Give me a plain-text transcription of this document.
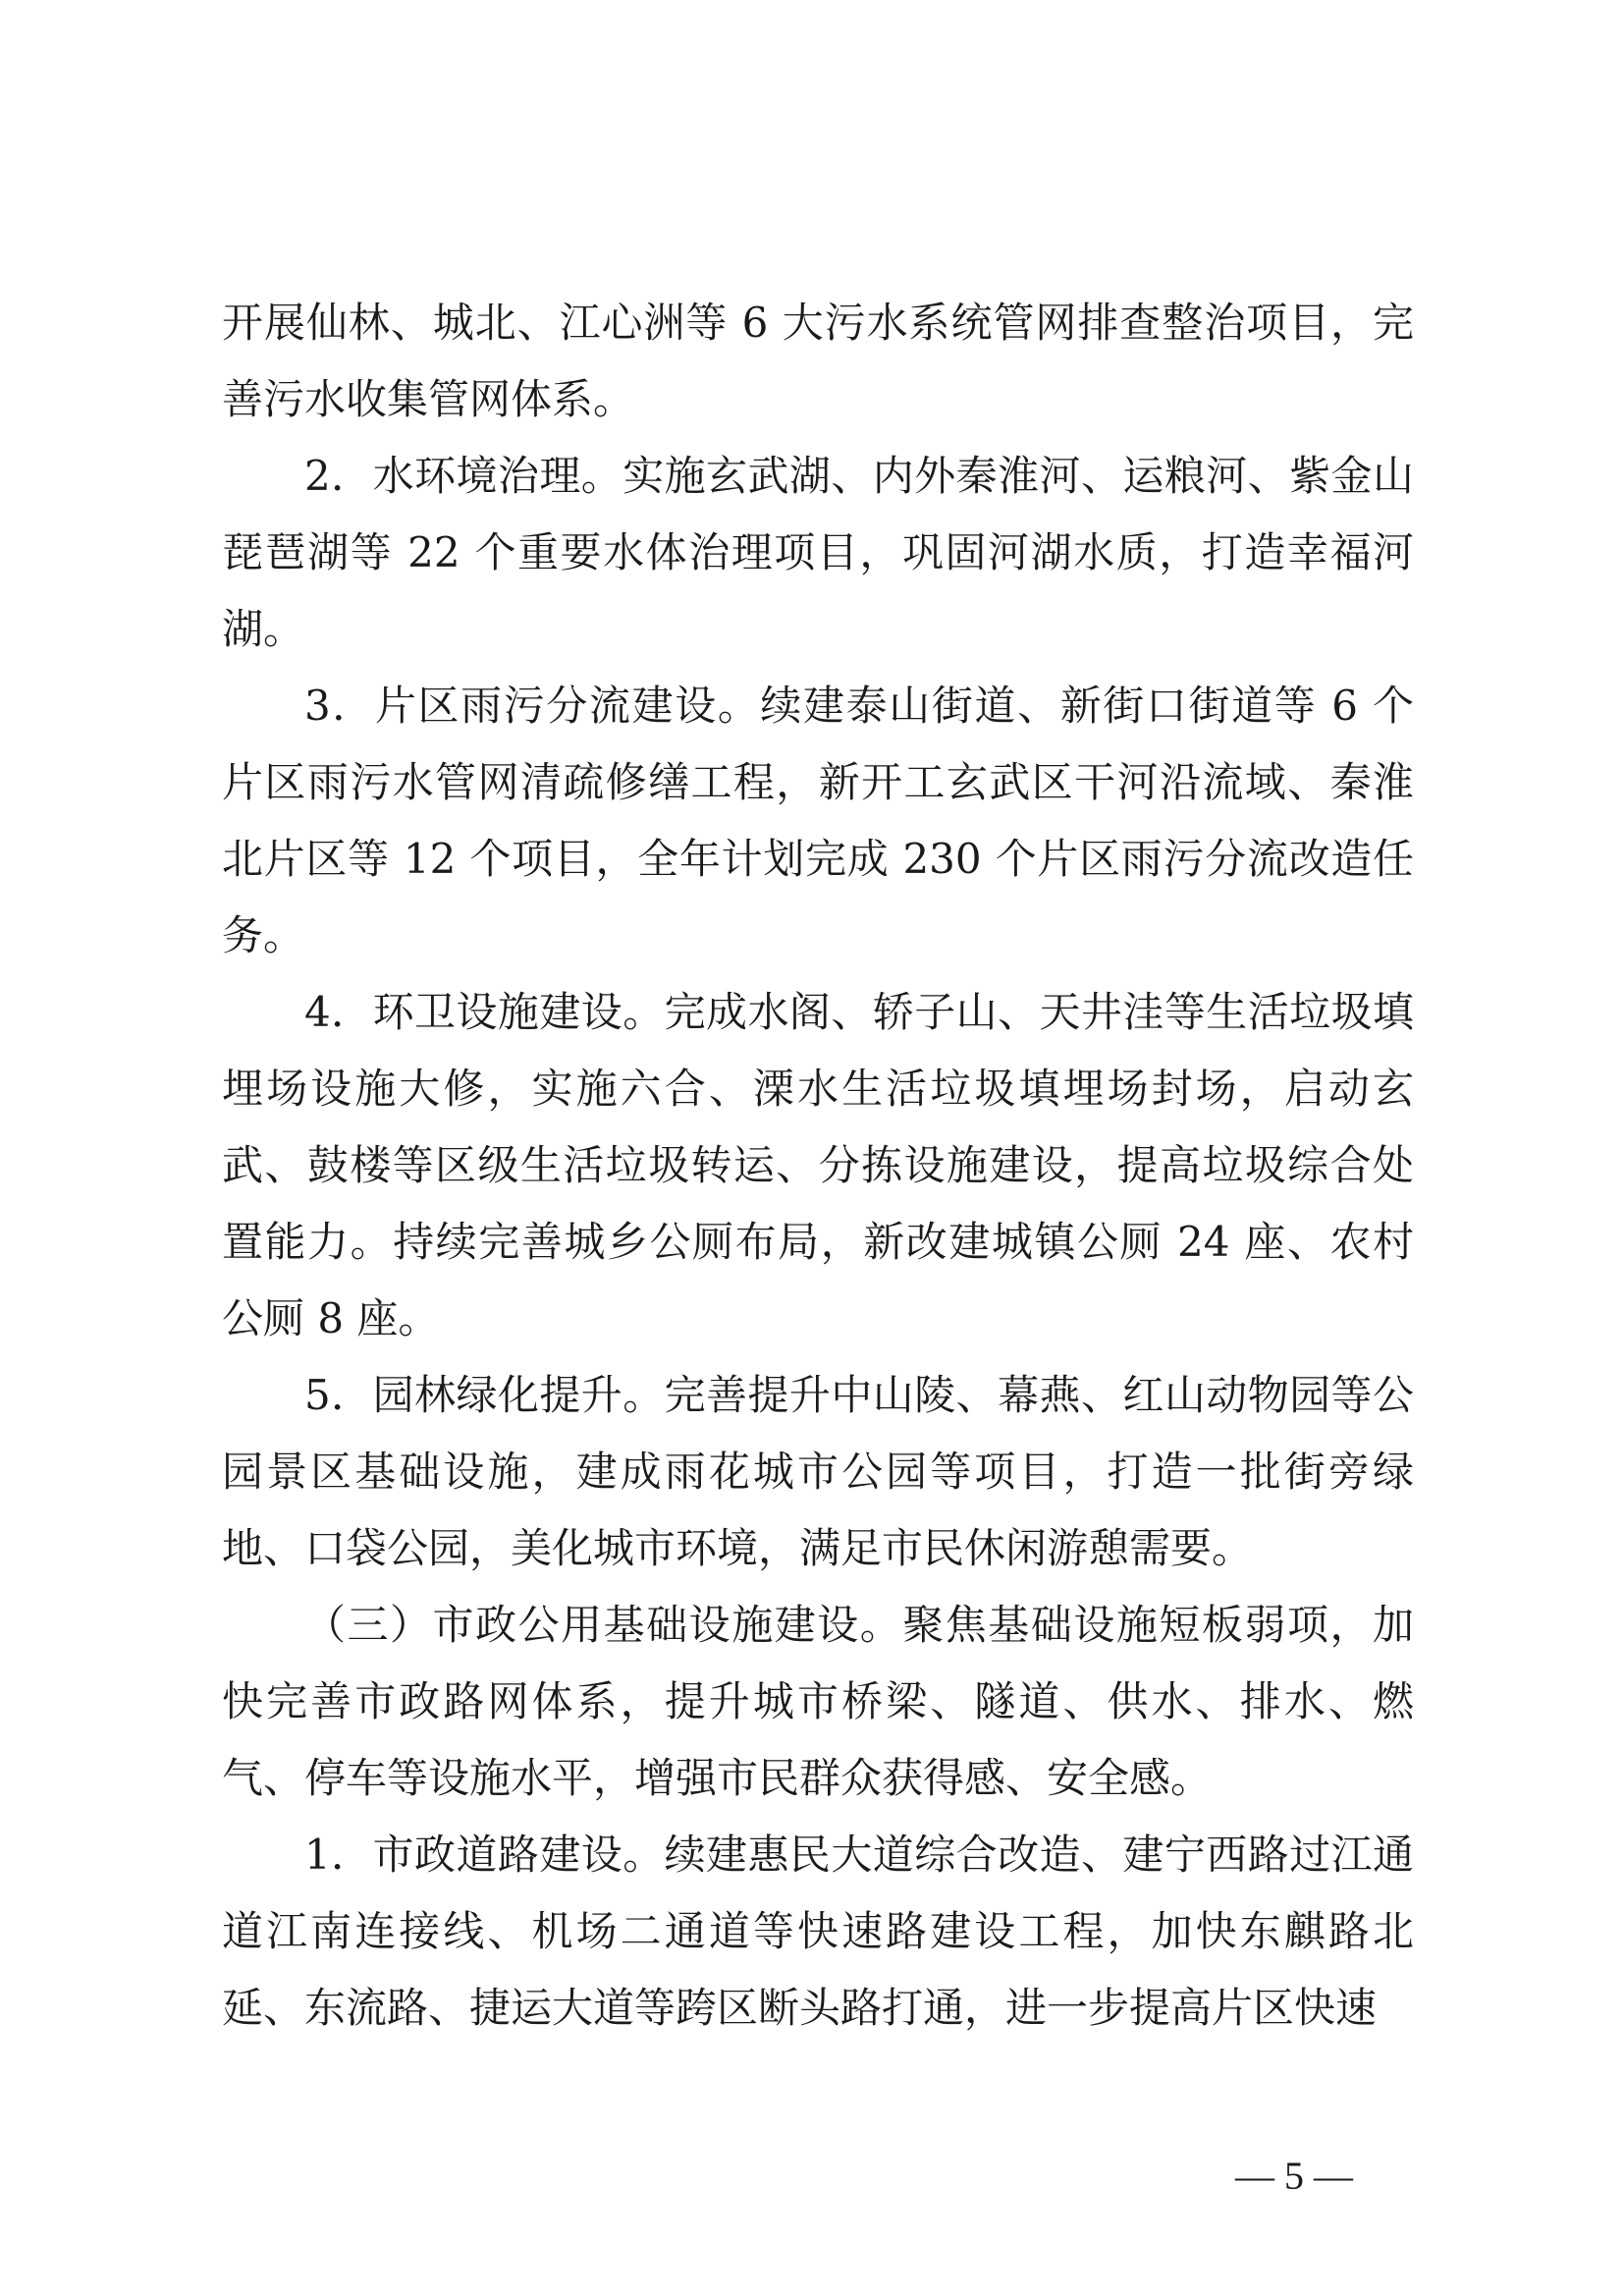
开展仙林、城北、江心洲等 6 大污水系统管网排查整治项目，完善污水收集管网体系。

2．水环境治理。实施玄武湖、内外秦淮河、运粮河、紫金山琵琶湖等 22 个重要水体治理项目，巩固河湖水质，打造幸福河湖。

3．片区雨污分流建设。续建泰山街道、新街口街道等 6 个片区雨污水管网清疏修缮工程，新开工玄武区干河沿流域、秦淮北片区等 12 个项目，全年计划完成 230 个片区雨污分流改造任务。

4．环卫设施建设。完成水阁、轿子山、天井洼等生活垃圾填埋场设施大修，实施六合、溧水生活垃圾填埋场封场，启动玄武、鼓楼等区级生活垃圾转运、分拣设施建设，提高垃圾综合处置能力。持续完善城乡公厕布局，新改建城镇公厕 24 座、农村公厕 8 座。

5．园林绿化提升。完善提升中山陵、幕燕、红山动物园等公园景区基础设施，建成雨花城市公园等项目，打造一批街旁绿地、口袋公园，美化城市环境，满足市民休闲游憩需要。

（三）市政公用基础设施建设。聚焦基础设施短板弱项，加快完善市政路网体系，提升城市桥梁、隧道、供水、排水、燃气、停车等设施水平，增强市民群众获得感、安全感。

1．市政道路建设。续建惠民大道综合改造、建宁西路过江通道江南连接线、机场二通道等快速路建设工程，加快东麒路北延、东流路、捷运大道等跨区断头路打通，进一步提高片区快速

— 5 —
